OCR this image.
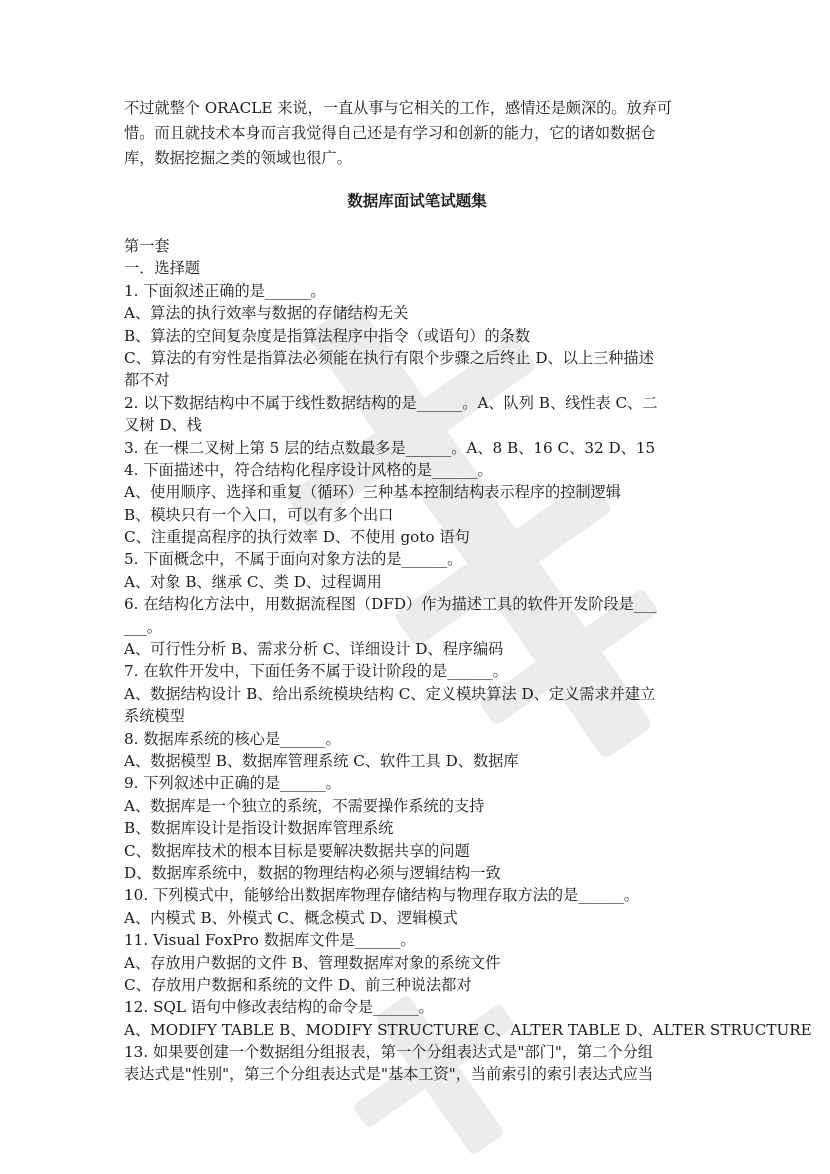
不过就整个 ORACLE 来说，一直从事与它相关的工作，感情还是颇深的。放弃可
惜。而且就技术本身而言我觉得自己还是有学习和创新的能力，它的诸如数据仓
库，数据挖掘之类的领域也很广。
数据库面试笔试题集
第一套
一．选择题
1. 下面叙述正确的是______。
A、算法的执行效率与数据的存储结构无关
B、算法的空间复杂度是指算法程序中指令（或语句）的条数
C、算法的有穷性是指算法必须能在执行有限个步骤之后终止 D、以上三种描述
都不对
2. 以下数据结构中不属于线性数据结构的是______。A、队列 B、线性表 C、二
叉树 D、栈
3. 在一棵二叉树上第 5 层的结点数最多是______。A、8 B、16 C、32 D、15
4. 下面描述中，符合结构化程序设计风格的是______。
A、使用顺序、选择和重复（循环）三种基本控制结构表示程序的控制逻辑
B、模块只有一个入口，可以有多个出口
C、注重提高程序的执行效率 D、不使用 goto 语句
5. 下面概念中，不属于面向对象方法的是______。
A、对象 B、继承 C、类 D、过程调用
6. 在结构化方法中，用数据流程图（DFD）作为描述工具的软件开发阶段是___
___。
A、可行性分析 B、需求分析 C、详细设计 D、程序编码
7. 在软件开发中，下面任务不属于设计阶段的是______。
A、数据结构设计 B、给出系统模块结构 C、定义模块算法 D、定义需求并建立
系统模型
8. 数据库系统的核心是______。
A、数据模型 B、数据库管理系统 C、软件工具 D、数据库
9. 下列叙述中正确的是______。
A、数据库是一个独立的系统，不需要操作系统的支持
B、数据库设计是指设计数据库管理系统
C、数据库技术的根本目标是要解决数据共享的问题
D、数据库系统中，数据的物理结构必须与逻辑结构一致
10. 下列模式中，能够给出数据库物理存储结构与物理存取方法的是______。
A、内模式 B、外模式 C、概念模式 D、逻辑模式
11. Visual FoxPro 数据库文件是______。
A、存放用户数据的文件 B、管理数据库对象的系统文件
C、存放用户数据和系统的文件 D、前三种说法都对
12. SQL 语句中修改表结构的命令是______。
A、MODIFY TABLE B、MODIFY STRUCTURE C、ALTER TABLE D、ALTER STRUCTURE
13. 如果要创建一个数据组分组报表，第一个分组表达式是"部门"，第二个分组
表达式是"性别"，第三个分组表达式是"基本工资"，当前索引的索引表达式应当
